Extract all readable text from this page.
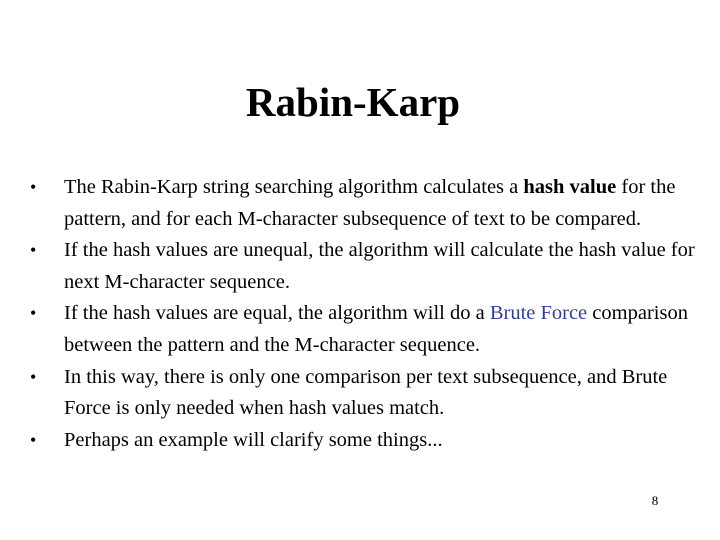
Rabin-Karp
•	The Rabin-Karp string searching algorithm calculates a hash value for the pattern, and for each M-character subsequence of text to be compared.
•	If the hash values are unequal, the algorithm will calculate the hash value for next M-character sequence.
•	If the hash values are equal, the algorithm will do a Brute Force comparison between the pattern and the M-character sequence.
•	In this way, there is only one comparison per text subsequence, and Brute Force is only needed when hash values match.
•	Perhaps an example will clarify some things...
8
